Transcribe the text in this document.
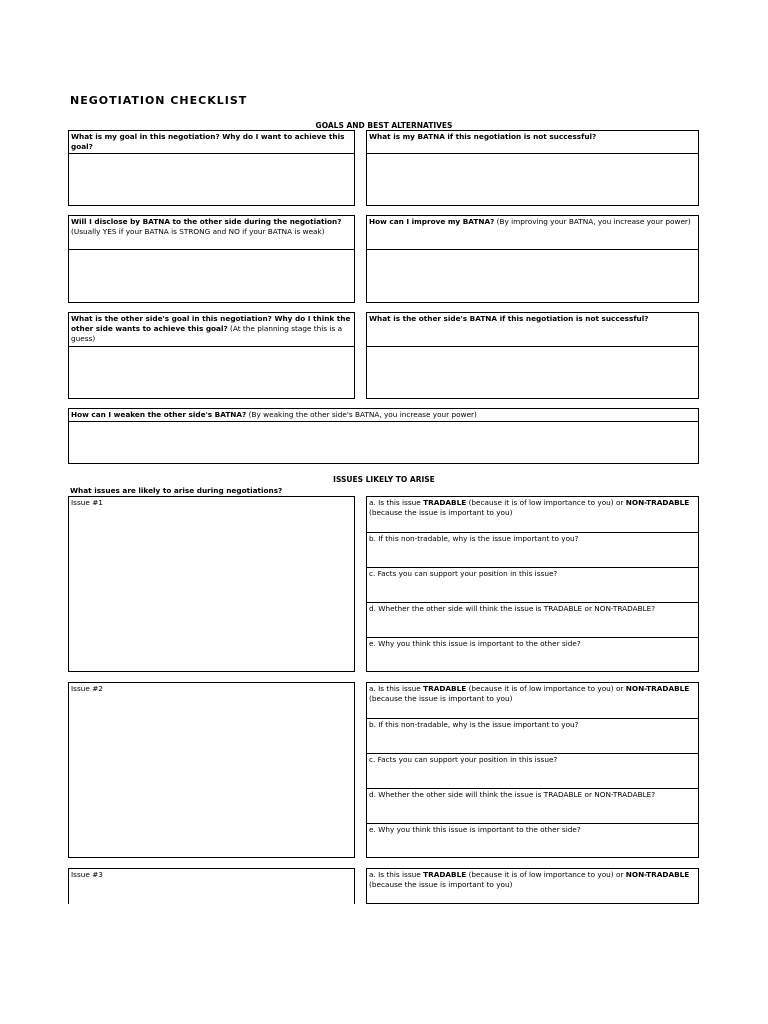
NEGOTIATION CHECKLIST
GOALS AND BEST ALTERNATIVES
What is my goal in this negotiation? Why do I want to achieve this goal?
What is my BATNA if this negotiation is not successful?
Will I disclose by BATNA to the other side during the negotiation? (Usually YES if your BATNA is STRONG and NO if your BATNA is weak)
How can I improve my BATNA? (By improving your BATNA, you increase your power)
What is the other side's goal in this negotiation? Why do I think the other side wants to achieve this goal? (At the planning stage this is a guess)
What is the other side's BATNA if this negotiation is not successful?
How can I weaken the other side's BATNA? (By weaking the other side's BATNA, you increase your power)
ISSUES LIKELY TO ARISE
What issues are likely to arise during negotiations?
Issue #1	a. Is this issue TRADABLE (because it is of low importance to you) or NON-TRADABLE (because the issue is important to you)
b. If this non-tradable, why is the issue important to you?
c. Facts you can support your position in this issue?
d. Whether the other side will think the issue is TRADABLE or NON-TRADABLE?
e. Why you think this issue is important to the other side?
Issue #2	a. Is this issue TRADABLE (because it is of low importance to you) or NON-TRADABLE (because the issue is important to you)
b. If this non-tradable, why is the issue important to you?
c. Facts you can support your position in this issue?
d. Whether the other side will think the issue is TRADABLE or NON-TRADABLE?
e. Why you think this issue is important to the other side?
Issue #3	a. Is this issue TRADABLE (because it is of low importance to you) or NON-TRADABLE (because the issue is important to you)
